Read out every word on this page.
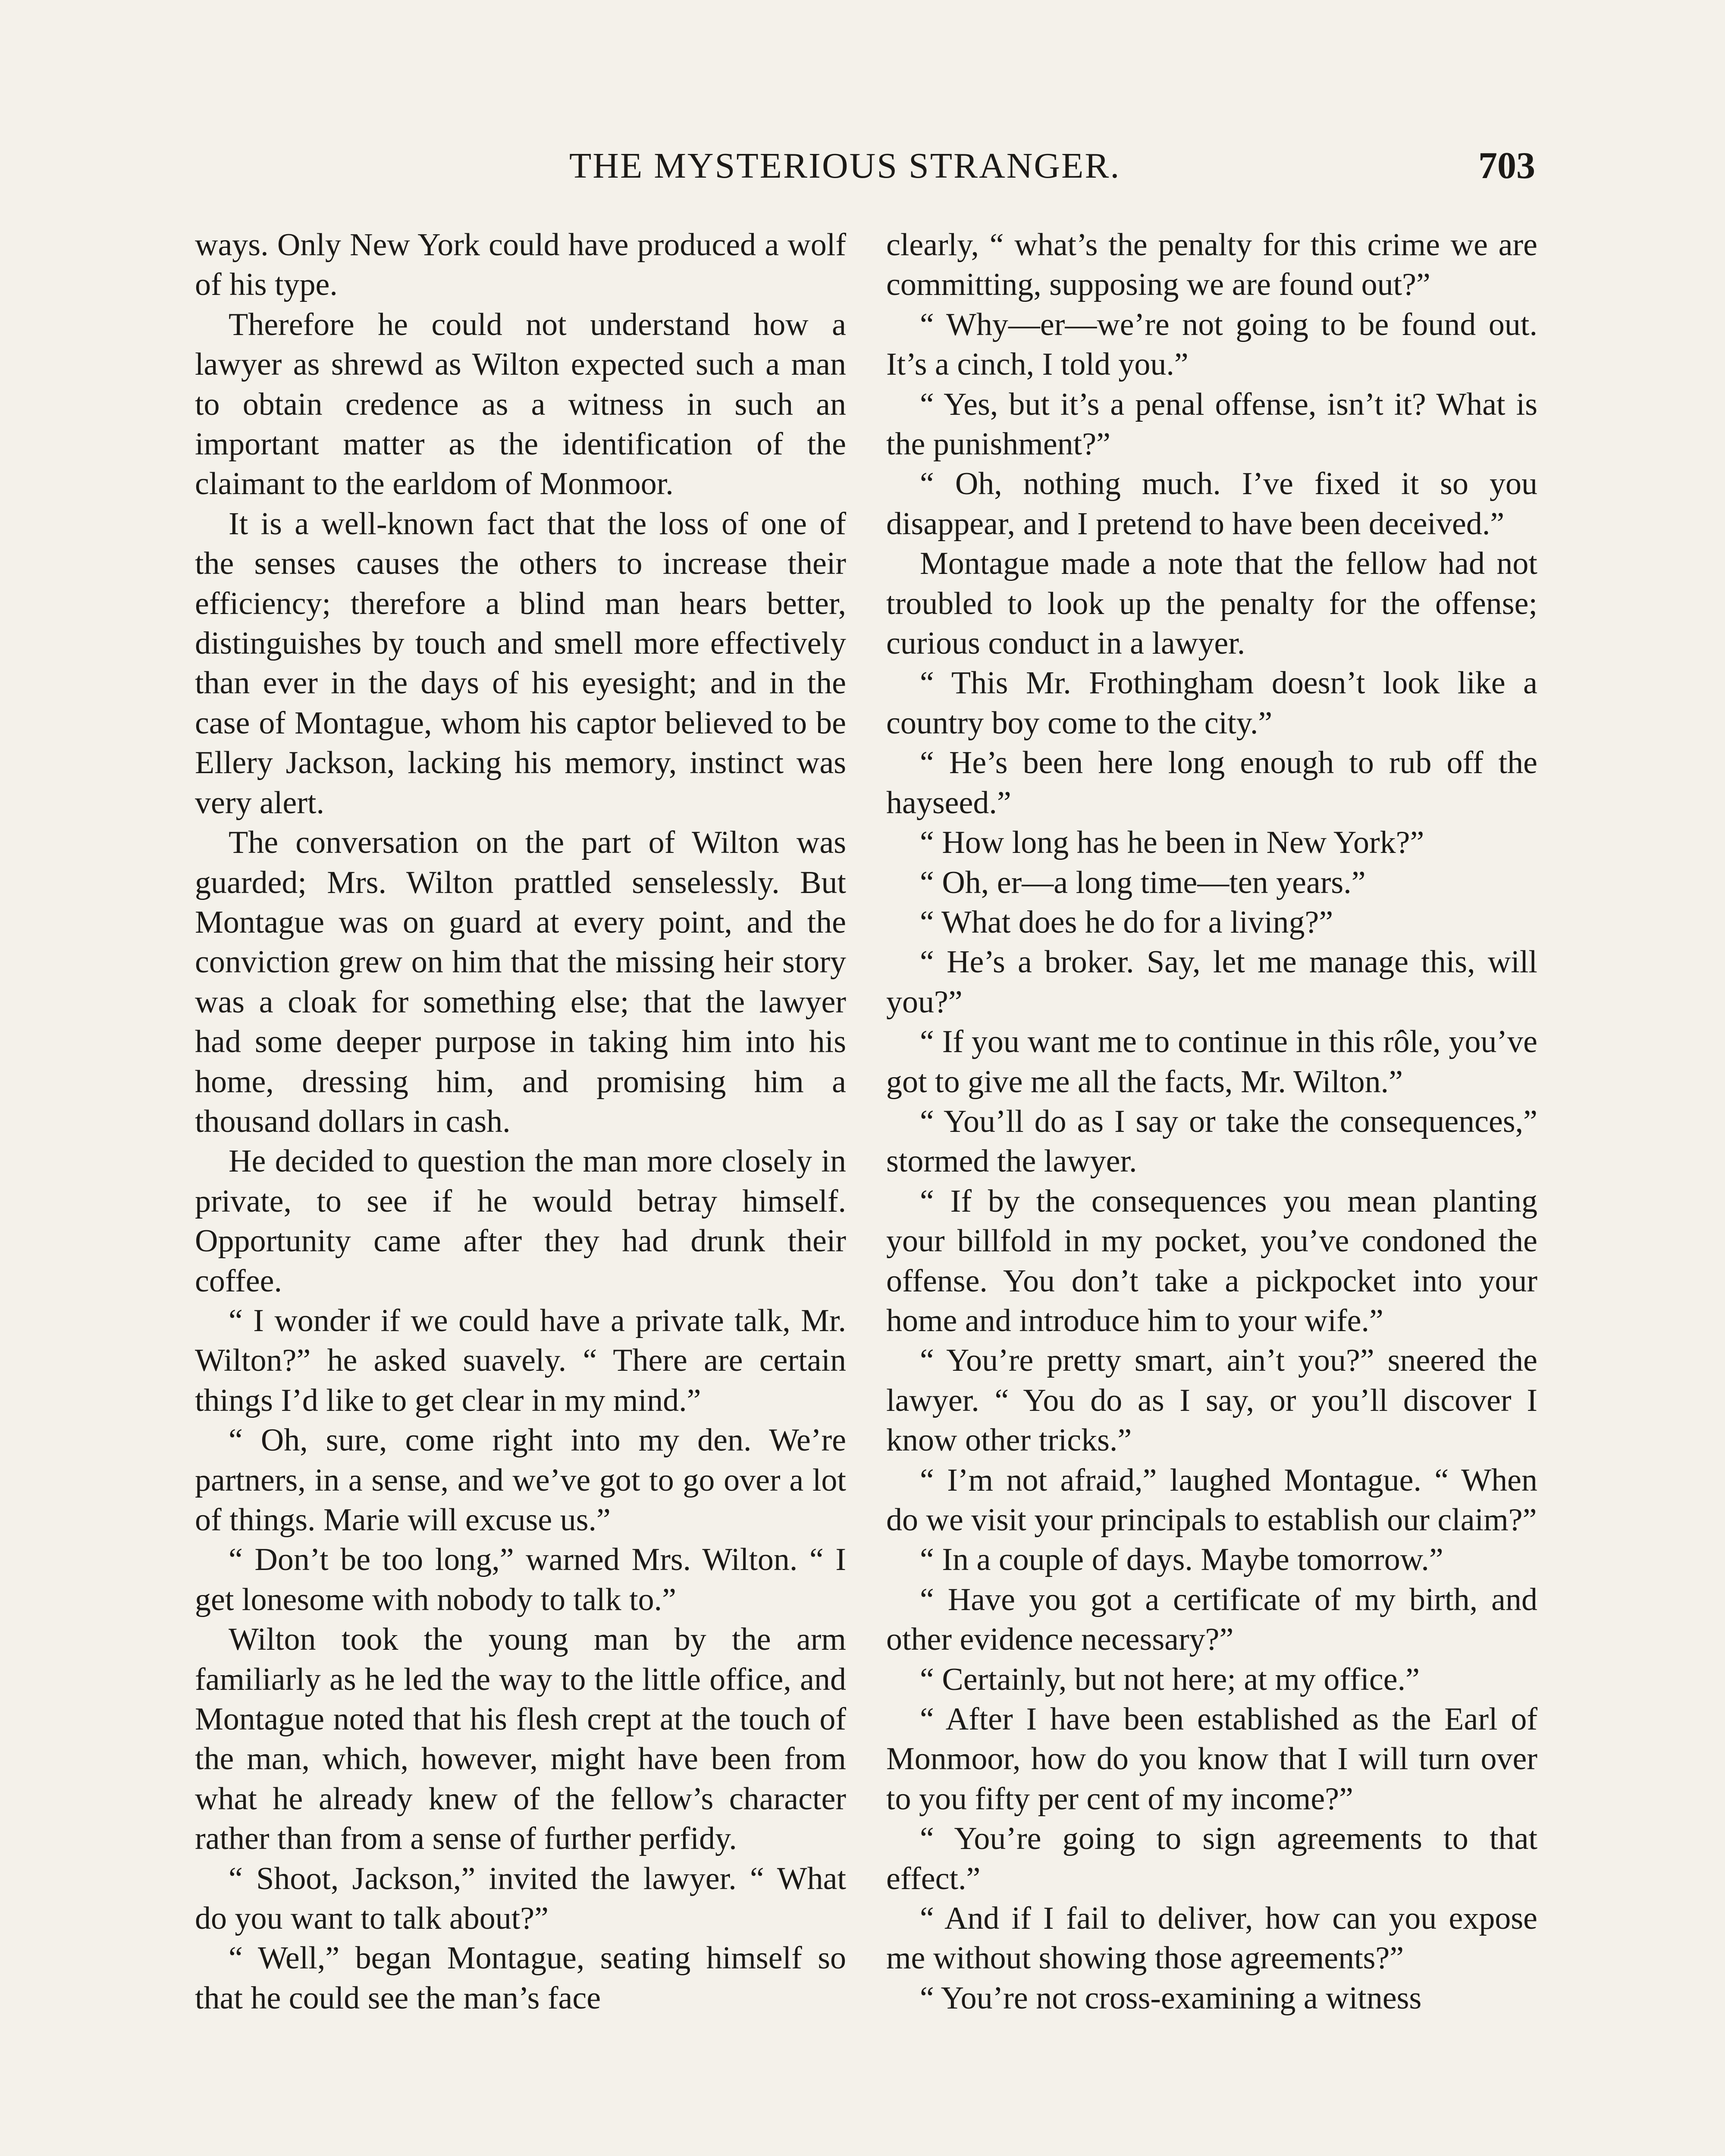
THE MYSTERIOUS STRANGER.	703

ways. Only New York could have produced a wolf of his type.

Therefore he could not understand how a lawyer as shrewd as Wilton expected such a man to obtain credence as a witness in such an important matter as the identification of the claimant to the earldom of Monmoor.

It is a well-known fact that the loss of one of the senses causes the others to increase their efficiency; therefore a blind man hears better, distinguishes by touch and smell more effectively than ever in the days of his eyesight; and in the case of Montague, whom his captor believed to be Ellery Jackson, lacking his memory, instinct was very alert.

The conversation on the part of Wilton was guarded; Mrs. Wilton prattled senselessly. But Montague was on guard at every point, and the conviction grew on him that the missing heir story was a cloak for something else; that the lawyer had some deeper purpose in taking him into his home, dressing him, and promising him a thousand dollars in cash.

He decided to question the man more closely in private, to see if he would betray himself. Opportunity came after they had drunk their coffee.

“ I wonder if we could have a private talk, Mr. Wilton?” he asked suavely. “ There are certain things I’d like to get clear in my mind.”

“ Oh, sure, come right into my den. We’re partners, in a sense, and we’ve got to go over a lot of things. Marie will excuse us.”

“ Don’t be too long,” warned Mrs. Wilton. “ I get lonesome with nobody to talk to.”

Wilton took the young man by the arm familiarly as he led the way to the little office, and Montague noted that his flesh crept at the touch of the man, which, however, might have been from what he already knew of the fellow’s character rather than from a sense of further perfidy.

“ Shoot, Jackson,” invited the lawyer. “ What do you want to talk about?”

“ Well,” began Montague, seating himself so that he could see the man’s face

clearly, “ what’s the penalty for this crime we are committing, supposing we are found out?”

“ Why—er—we’re not going to be found out. It’s a cinch, I told you.”

“ Yes, but it’s a penal offense, isn’t it? What is the punishment?”

“ Oh, nothing much. I’ve fixed it so you disappear, and I pretend to have been deceived.”

Montague made a note that the fellow had not troubled to look up the penalty for the offense; curious conduct in a lawyer.

“ This Mr. Frothingham doesn’t look like a country boy come to the city.”

“ He’s been here long enough to rub off the hayseed.”

“ How long has he been in New York?”

“ Oh, er—a long time—ten years.”

“ What does he do for a living?”

“ He’s a broker. Say, let me manage this, will you?”

“ If you want me to continue in this rôle, you’ve got to give me all the facts, Mr. Wilton.”

“ You’ll do as I say or take the consequences,” stormed the lawyer.

“ If by the consequences you mean planting your billfold in my pocket, you’ve condoned the offense. You don’t take a pickpocket into your home and introduce him to your wife.”

“ You’re pretty smart, ain’t you?” sneered the lawyer. “ You do as I say, or you’ll discover I know other tricks.”

“ I’m not afraid,” laughed Montague. “ When do we visit your principals to establish our claim?”

“ In a couple of days. Maybe tomorrow.”

“ Have you got a certificate of my birth, and other evidence necessary?”

“ Certainly, but not here; at my office.”

“ After I have been established as the Earl of Monmoor, how do you know that I will turn over to you fifty per cent of my income?”

“ You’re going to sign agreements to that effect.”

“ And if I fail to deliver, how can you expose me without showing those agreements?”

“ You’re not cross-examining a witness
